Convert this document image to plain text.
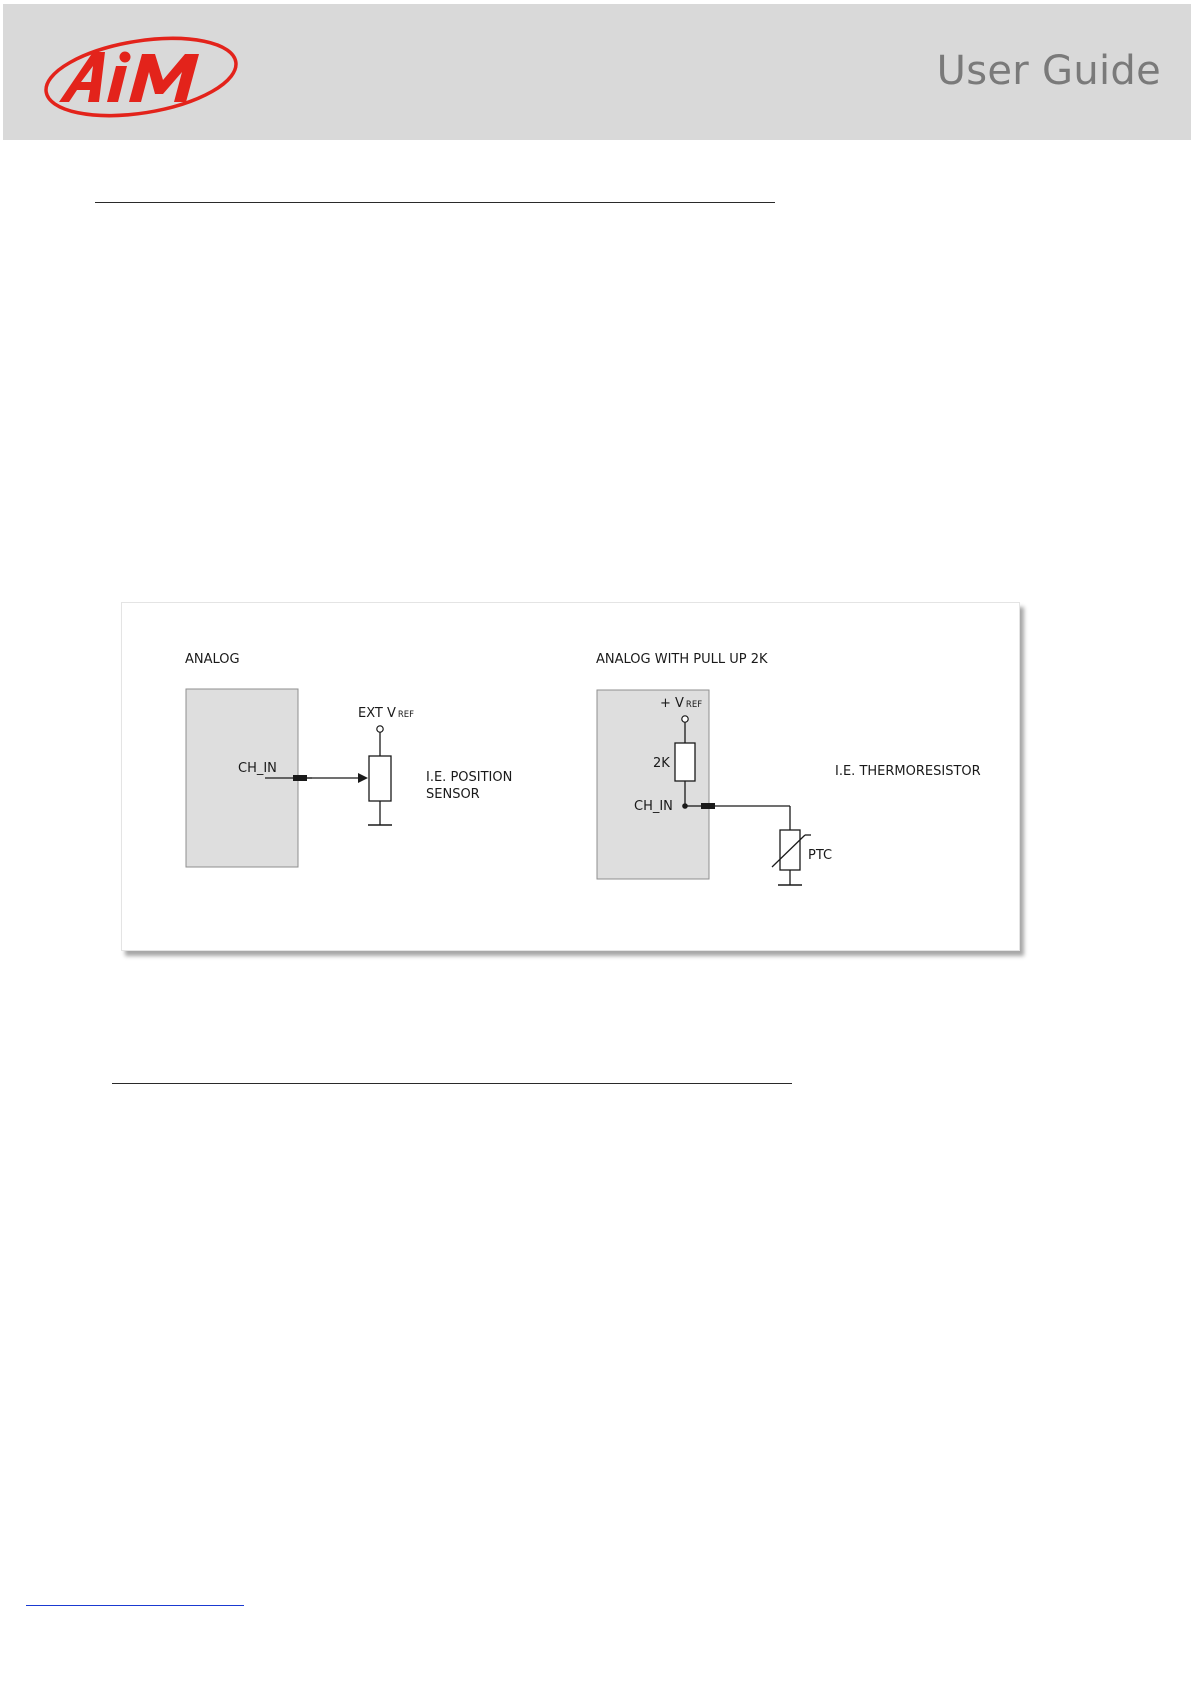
User Guide
ANALOG
CH_IN
EXT V REF
I.E. POSITION
SENSOR
ANALOG WITH PULL UP 2K
+ V REF
2K
CH_IN
PTC
I.E. THERMORESISTOR
